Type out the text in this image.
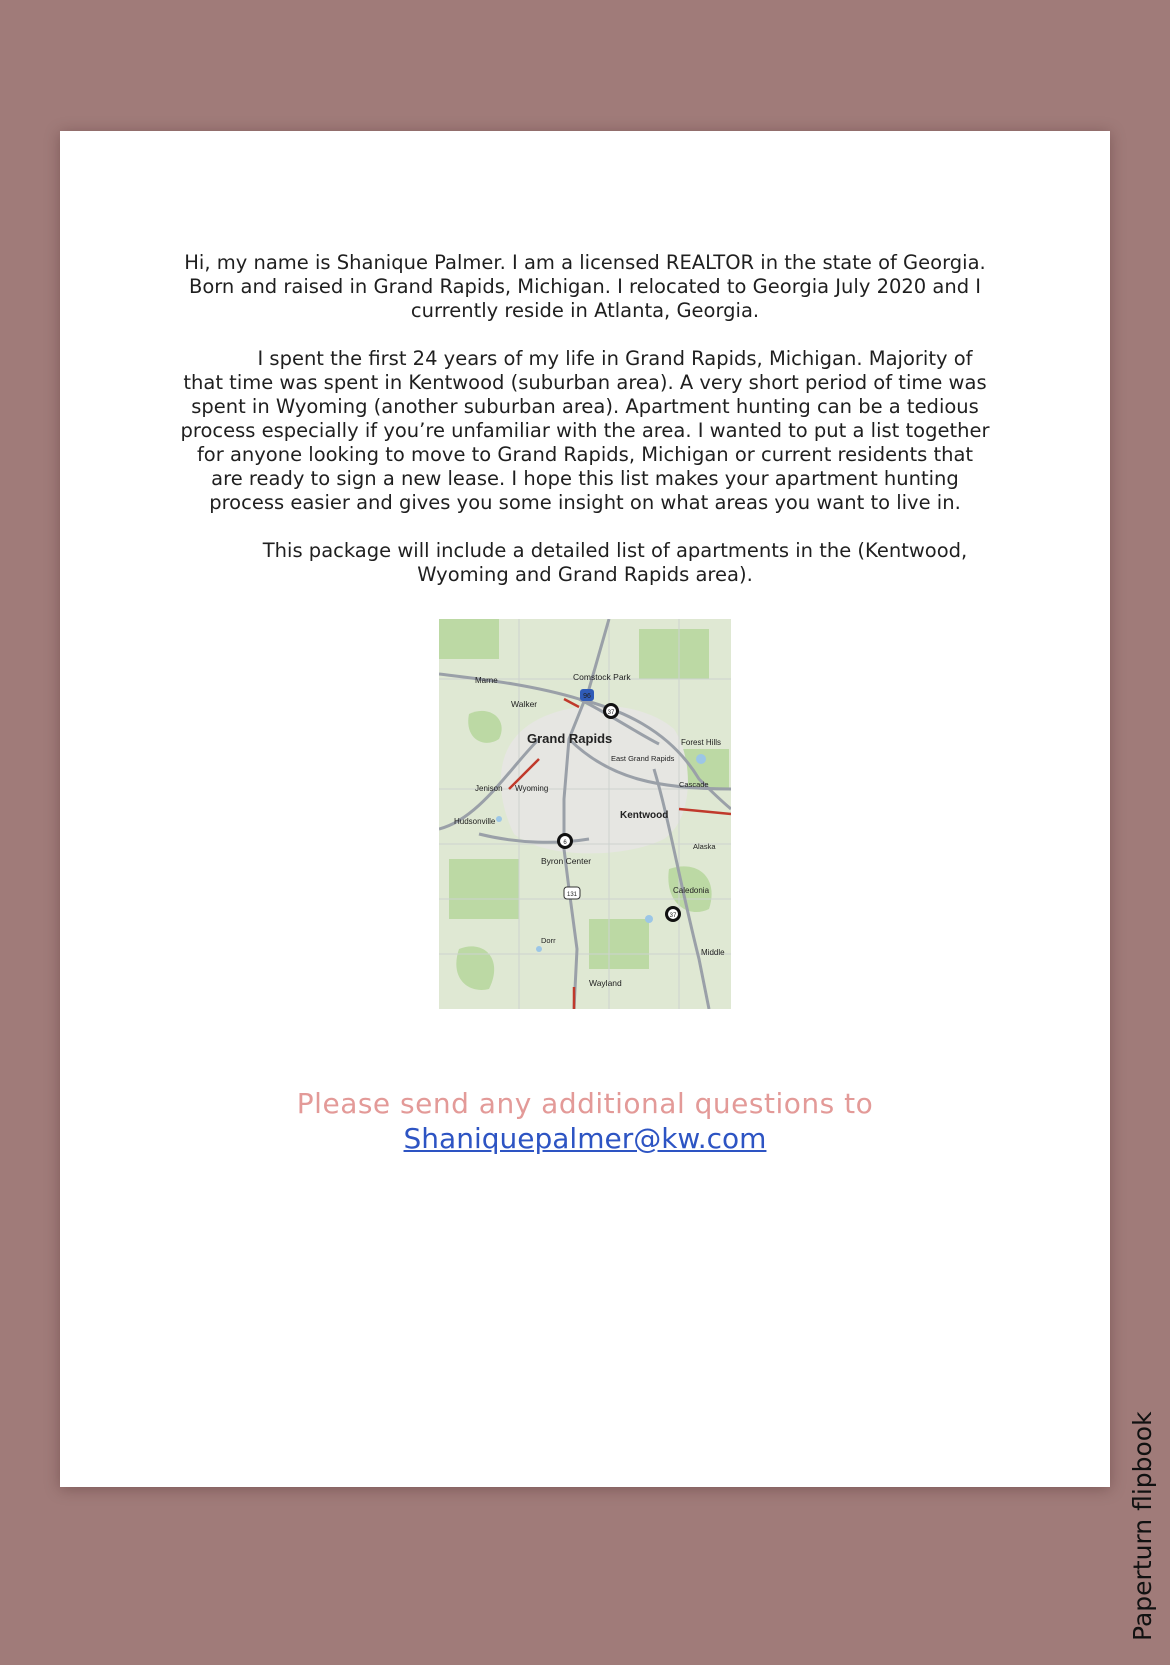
Hi, my name is Shanique Palmer. I am a licensed REALTOR in the state of Georgia. Born and raised in Grand Rapids, Michigan. I relocated to Georgia July 2020 and I currently reside in Atlanta, Georgia.

I spent the first 24 years of my life in Grand Rapids, Michigan. Majority of that time was spent in Kentwood (suburban area). A very short period of time was spent in Wyoming (another suburban area). Apartment hunting can be a tedious process especially if you’re unfamiliar with the area. I wanted to put a list together for anyone looking to move to Grand Rapids, Michigan or current residents that are ready to sign a new lease. I hope this list makes your apartment hunting process easier and gives you some insight on what areas you want to live in.

This package will include a detailed list of apartments in the (Kentwood, Wyoming and Grand Rapids area).

96
37
6
131
37
Marne	Comstock Park
Walker
Grand Rapids	Forest Hills
East Grand Rapids
Jenison Wyoming	Cascade
Hudsonville
Kentwood
Alaska
Byron Center
Caledonia
Dorr
Middle
Wayland
Please send any additional questions to
Shaniquepalmer@kw.com
Paperturn flipbook
